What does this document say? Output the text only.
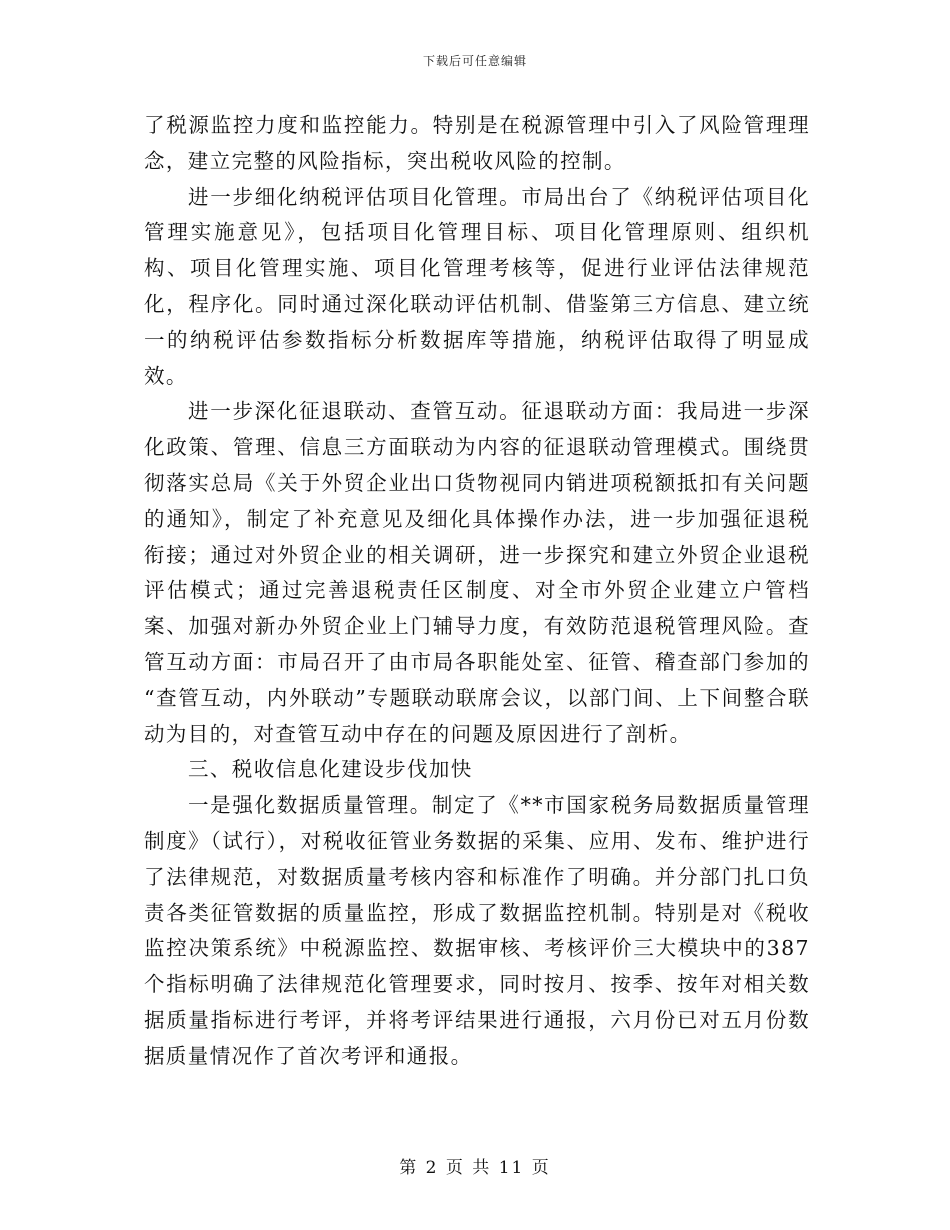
下载后可任意编辑

了税源监控力度和监控能力。特别是在税源管理中引入了风险管理理念，建立完整的风险指标，突出税收风险的控制。

进一步细化纳税评估项目化管理。市局出台了《纳税评估项目化管理实施意见》，包括项目化管理目标、项目化管理原则、组织机构、项目化管理实施、项目化管理考核等，促进行业评估法律规范化，程序化。同时通过深化联动评估机制、借鉴第三方信息、建立统一的纳税评估参数指标分析数据库等措施，纳税评估取得了明显成效。

进一步深化征退联动、查管互动。征退联动方面：我局进一步深化政策、管理、信息三方面联动为内容的征退联动管理模式。围绕贯彻落实总局《关于外贸企业出口货物视同内销进项税额抵扣有关问题的通知》，制定了补充意见及细化具体操作办法，进一步加强征退税衔接；通过对外贸企业的相关调研，进一步探究和建立外贸企业退税评估模式；通过完善退税责任区制度、对全市外贸企业建立户管档案、加强对新办外贸企业上门辅导力度，有效防范退税管理风险。查管互动方面：市局召开了由市局各职能处室、征管、稽查部门参加的 “查管互动，内外联动”专题联动联席会议，以部门间、上下间整合联动为目的，对查管互动中存在的问题及原因进行了剖析。

三、税收信息化建设步伐加快

一是强化数据质量管理。制定了《**市国家税务局数据质量管理制度》（试行），对税收征管业务数据的采集、应用、发布、维护进行了法律规范，对数据质量考核内容和标准作了明确。并分部门扎口负责各类征管数据的质量监控，形成了数据监控机制。特别是对《税收监控决策系统》中税源监控、数据审核、考核评价三大模块中的387个指标明确了法律规范化管理要求，同时按月、按季、按年对相关数据质量指标进行考评，并将考评结果进行通报，六月份已对五月份数据质量情况作了首次考评和通报。

第 2 页 共 11 页
